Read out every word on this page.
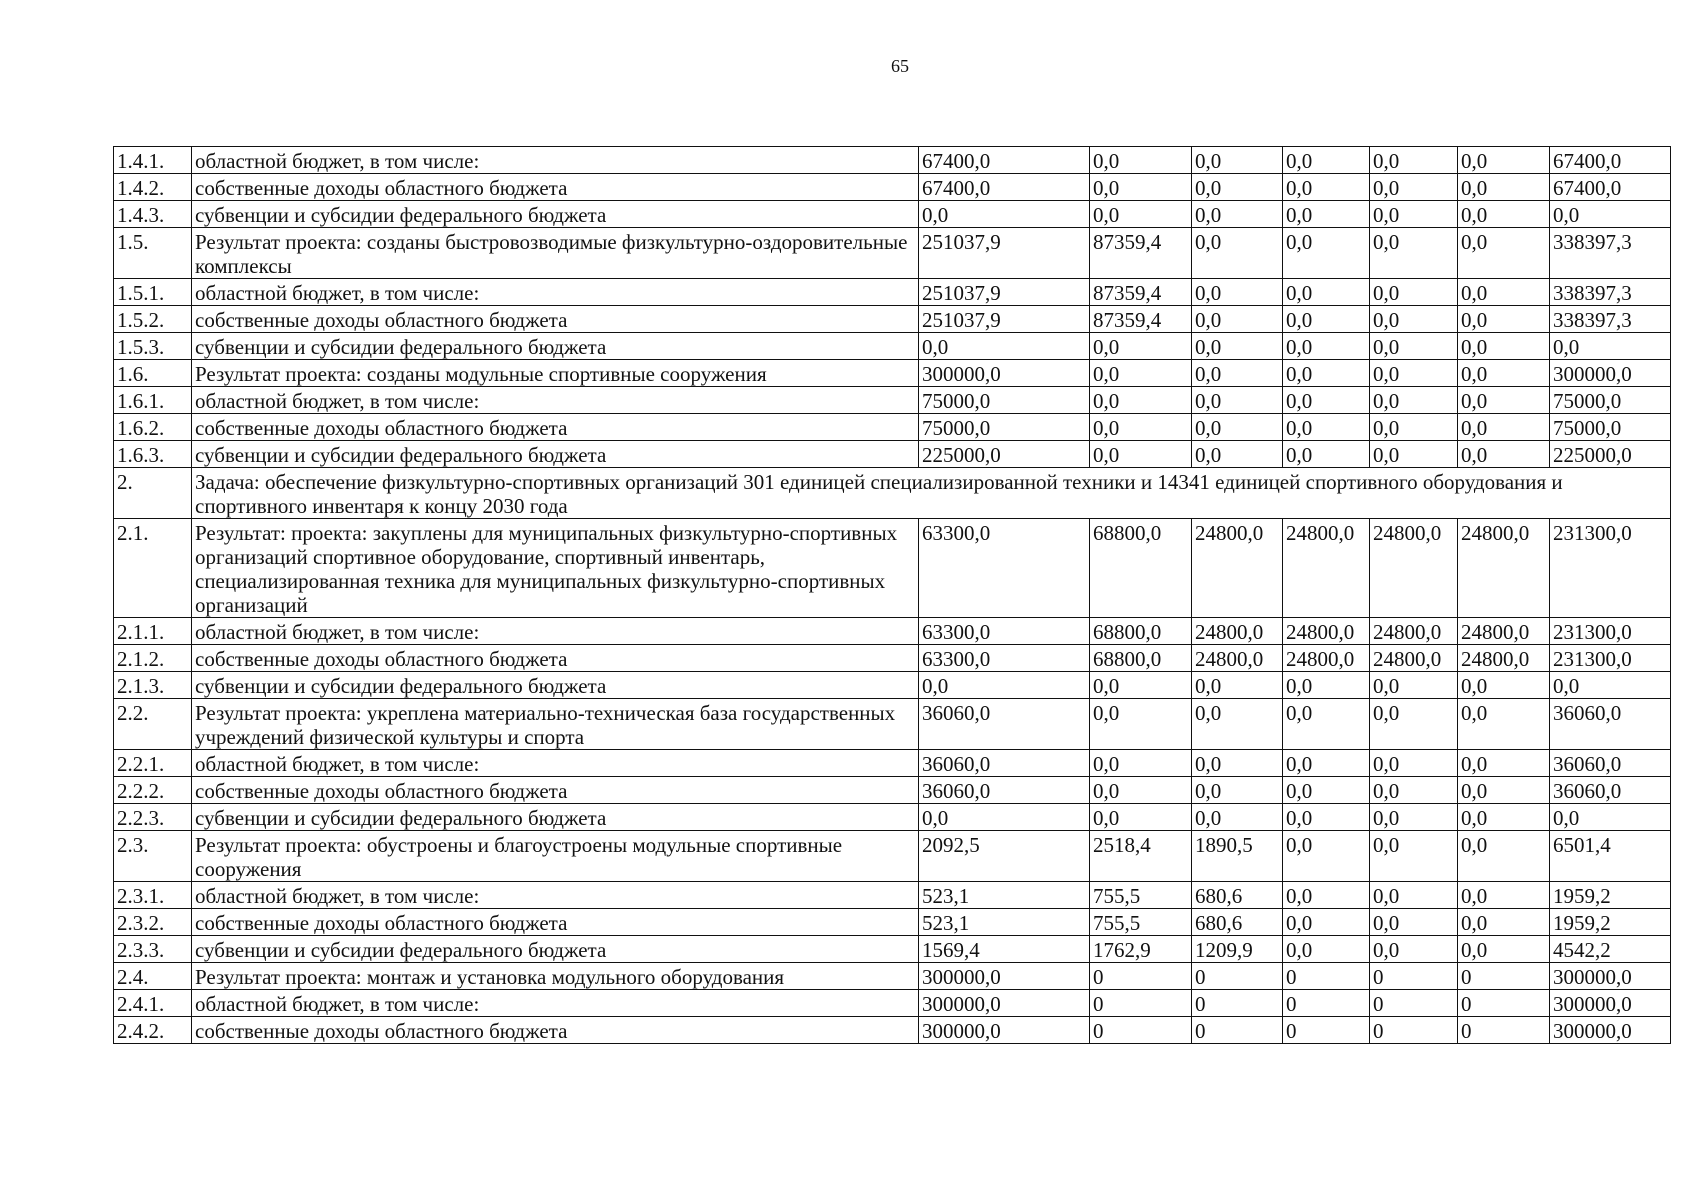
65
1.4.1.	областной бюджет, в том числе:	67400,0	0,0	0,0	0,0	0,0	0,0	67400,0
1.4.2.	собственные доходы областного бюджета	67400,0	0,0	0,0	0,0	0,0	0,0	67400,0
1.4.3.	субвенции и субсидии федерального бюджета	0,0	0,0	0,0	0,0	0,0	0,0	0,0
1.5.	Результат проекта: созданы быстровозводимые физкультурно-оздоровительные комплексы	251037,9	87359,4	0,0	0,0	0,0	0,0	338397,3
1.5.1.	областной бюджет, в том числе:	251037,9	87359,4	0,0	0,0	0,0	0,0	338397,3
1.5.2.	собственные доходы областного бюджета	251037,9	87359,4	0,0	0,0	0,0	0,0	338397,3
1.5.3.	субвенции и субсидии федерального бюджета	0,0	0,0	0,0	0,0	0,0	0,0	0,0
1.6.	Результат проекта: созданы модульные спортивные сооружения	300000,0	0,0	0,0	0,0	0,0	0,0	300000,0
1.6.1.	областной бюджет, в том числе:	75000,0	0,0	0,0	0,0	0,0	0,0	75000,0
1.6.2.	собственные доходы областного бюджета	75000,0	0,0	0,0	0,0	0,0	0,0	75000,0
1.6.3.	субвенции и субсидии федерального бюджета	225000,0	0,0	0,0	0,0	0,0	0,0	225000,0
2.	Задача: обеспечение физкультурно-спортивных организаций 301 единицей специализированной техники и 14341 единицей спортивного оборудования и спортивного инвентаря к концу 2030 года							
2.1.	Результат: проекта: закуплены для муниципальных физкультурно-спортивных организаций спортивное оборудование, спортивный инвентарь, специализированная техника для муниципальных физкультурно-спортивных организаций	63300,0	68800,0	24800,0	24800,0	24800,0	24800,0	231300,0
2.1.1.	областной бюджет, в том числе:	63300,0	68800,0	24800,0	24800,0	24800,0	24800,0	231300,0
2.1.2.	собственные доходы областного бюджета	63300,0	68800,0	24800,0	24800,0	24800,0	24800,0	231300,0
2.1.3.	субвенции и субсидии федерального бюджета	0,0	0,0	0,0	0,0	0,0	0,0	0,0
2.2.	Результат проекта: укреплена материально-техническая база государственных учреждений физической культуры и спорта	36060,0	0,0	0,0	0,0	0,0	0,0	36060,0
2.2.1.	областной бюджет, в том числе:	36060,0	0,0	0,0	0,0	0,0	0,0	36060,0
2.2.2.	собственные доходы областного бюджета	36060,0	0,0	0,0	0,0	0,0	0,0	36060,0
2.2.3.	субвенции и субсидии федерального бюджета	0,0	0,0	0,0	0,0	0,0	0,0	0,0
2.3.	Результат проекта: обустроены и благоустроены модульные спортивные сооружения	2092,5	2518,4	1890,5	0,0	0,0	0,0	6501,4
2.3.1.	областной бюджет, в том числе:	523,1	755,5	680,6	0,0	0,0	0,0	1959,2
2.3.2.	собственные доходы областного бюджета	523,1	755,5	680,6	0,0	0,0	0,0	1959,2
2.3.3.	субвенции и субсидии федерального бюджета	1569,4	1762,9	1209,9	0,0	0,0	0,0	4542,2
2.4.	Результат проекта: монтаж и установка модульного оборудования	300000,0	0	0	0	0	0	300000,0
2.4.1.	областной бюджет, в том числе:	300000,0	0	0	0	0	0	300000,0
2.4.2.	собственные доходы областного бюджета	300000,0	0	0	0	0	0	300000,0
